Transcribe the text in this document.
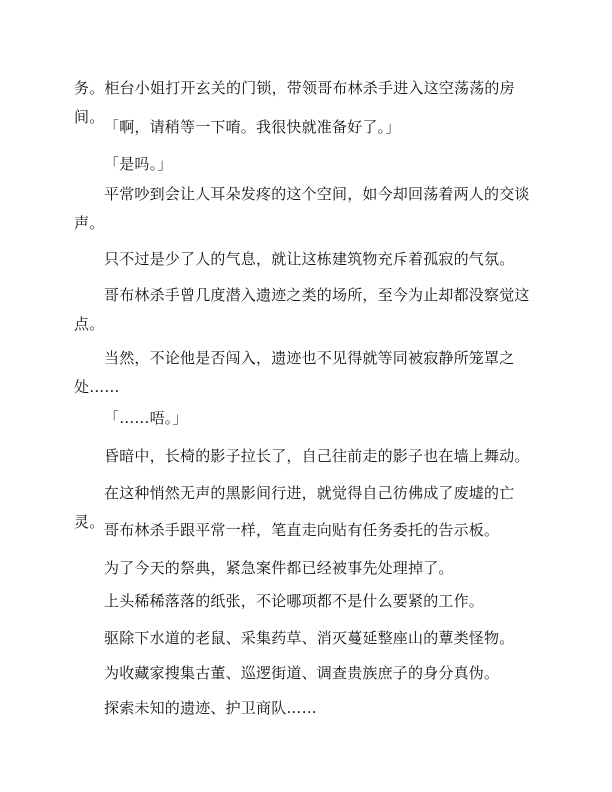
务。柜台小姐打开玄关的门锁，带领哥布林杀手进入这空荡荡的房间。

「啊，请稍等一下唷。我很快就准备好了。」

「是吗。」

平常吵到会让人耳朵发疼的这个空间，如今却回荡着两人的交谈声。

只不过是少了人的气息，就让这栋建筑物充斥着孤寂的气氛。

哥布林杀手曾几度潜入遗迹之类的场所，至今为止却都没察觉这点。

当然，不论他是否闯入，遗迹也不见得就等同被寂静所笼罩之处……

「……唔。」

昏暗中，长椅的影子拉长了，自己往前走的影子也在墙上舞动。

在这种悄然无声的黑影间行进，就觉得自己彷佛成了废墟的亡灵。 哥布林杀手跟平常一样，笔直走向贴有任务委托的告示板。

为了今天的祭典，紧急案件都已经被事先处理掉了。

上头稀稀落落的纸张，不论哪项都不是什么要紧的工作。

驱除下水道的老鼠、采集药草、消灭蔓延整座山的蕈类怪物。

为收藏家搜集古董、巡逻街道、调查贵族庶子的身分真伪。

探索未知的遗迹、护卫商队……
